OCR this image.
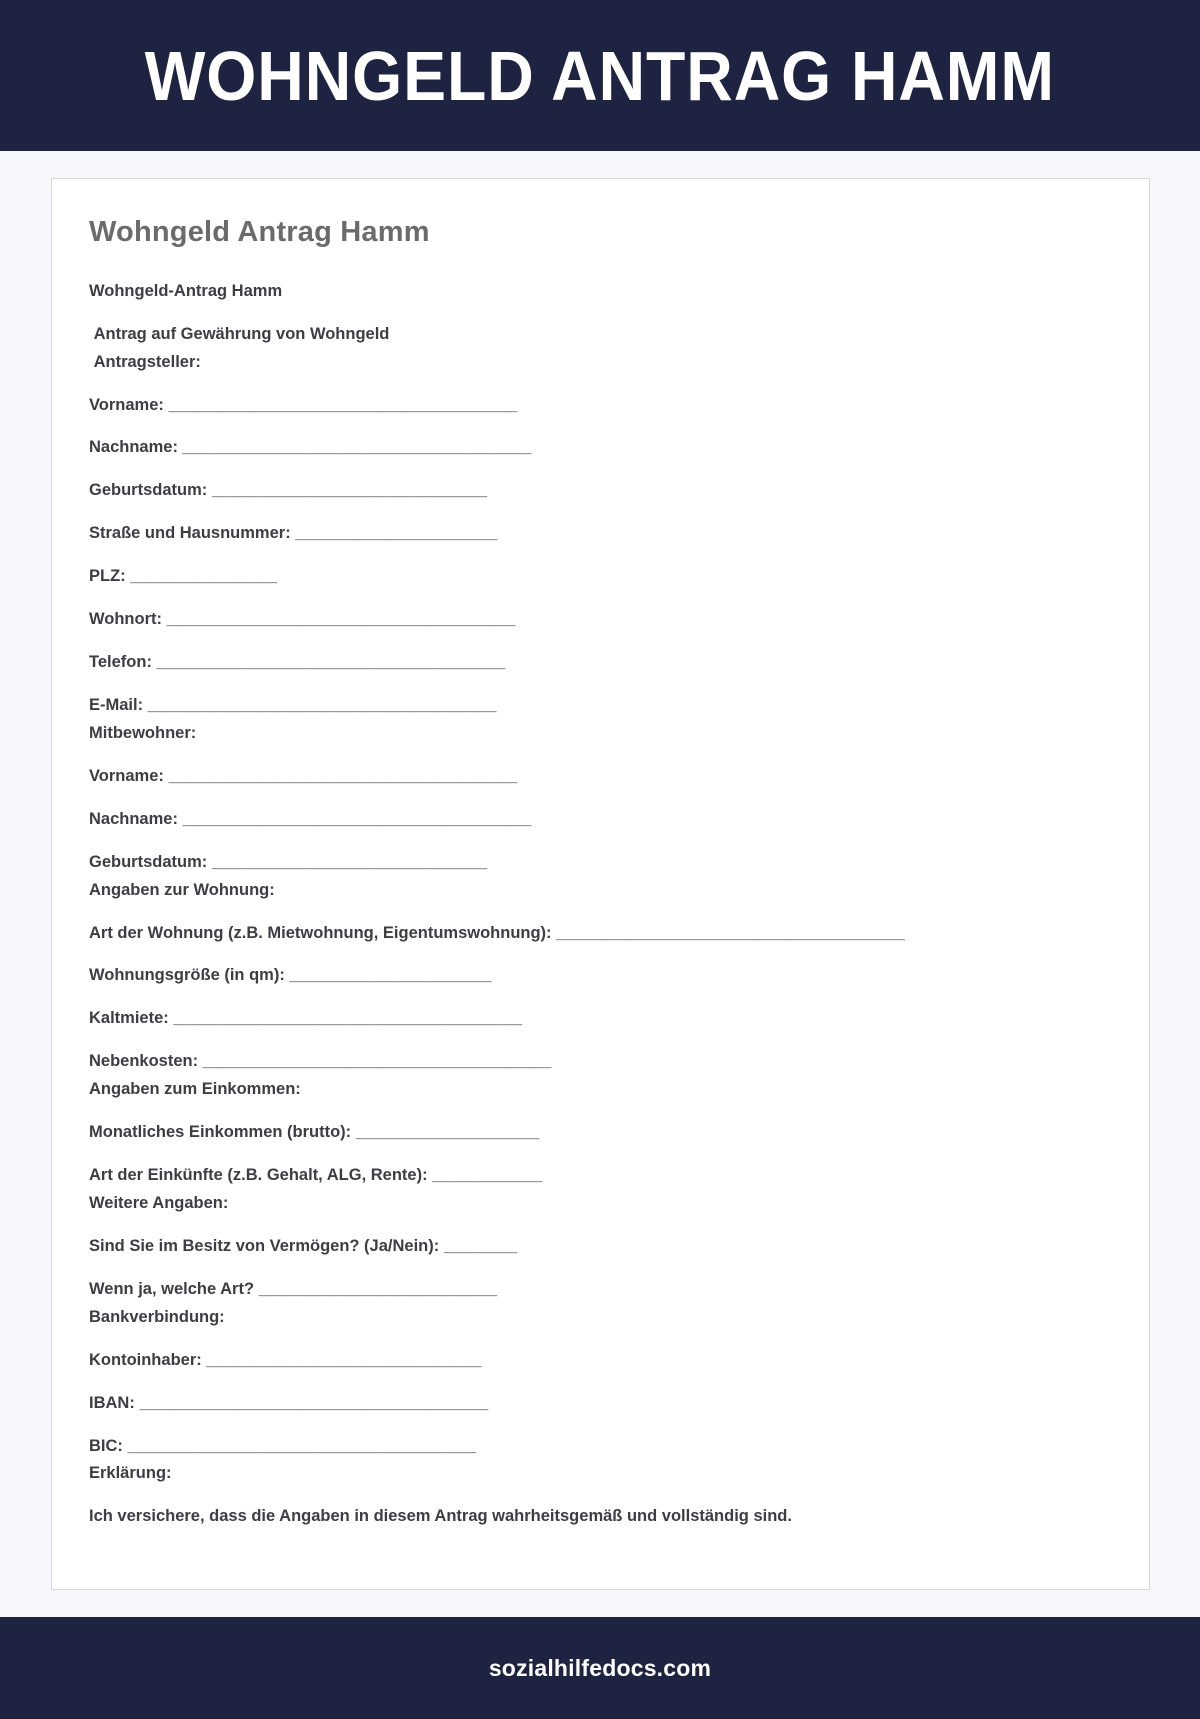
WOHNGELD ANTRAG HAMM
Wohngeld Antrag Hamm

Wohngeld-Antrag Hamm

Antrag auf Gewährung von Wohngeld

Antragsteller:

Vorname: ______________________________________

Nachname: ______________________________________

Geburtsdatum: ______________________________

Straße und Hausnummer: ______________________

PLZ: ________________

Wohnort: ______________________________________

Telefon: ______________________________________

E-Mail: ______________________________________

Mitbewohner:

Vorname: ______________________________________

Nachname: ______________________________________

Geburtsdatum: ______________________________

Angaben zur Wohnung:

Art der Wohnung (z.B. Mietwohnung, Eigentumswohnung): ______________________________________

Wohnungsgröße (in qm): ______________________

Kaltmiete: ______________________________________

Nebenkosten: ______________________________________

Angaben zum Einkommen:

Monatliches Einkommen (brutto): ____________________

Art der Einkünfte (z.B. Gehalt, ALG, Rente): ____________

Weitere Angaben:

Sind Sie im Besitz von Vermögen? (Ja/Nein): ________

Wenn ja, welche Art? __________________________

Bankverbindung:

Kontoinhaber: ______________________________

IBAN: ______________________________________

BIC: ______________________________________

Erklärung:

Ich versichere, dass die Angaben in diesem Antrag wahrheitsgemäß und vollständig sind.

sozialhilfedocs.com
